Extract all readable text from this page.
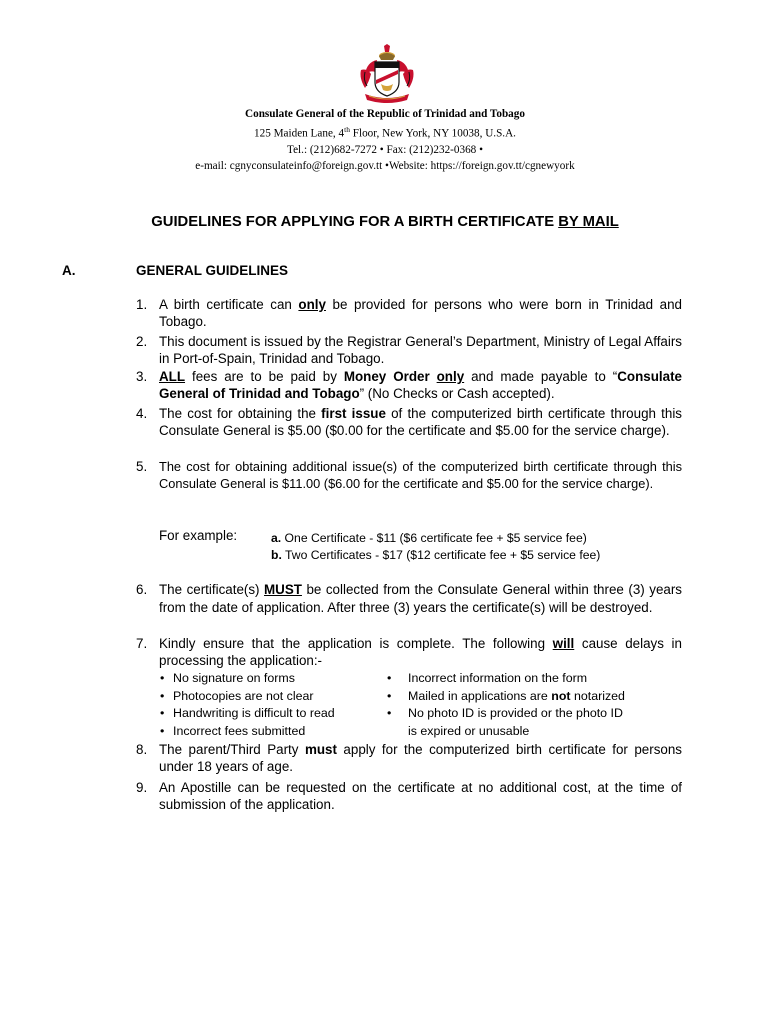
Consulate General of the Republic of Trinidad and Tobago
125 Maiden Lane, 4th Floor, New York, NY 10038, U.S.A.
Tel.: (212)682-7272 • Fax: (212)232-0368 •
e-mail: cgnyconsulateinfo@foreign.gov.tt •Website: https://foreign.gov.tt/cgnewyork
GUIDELINES FOR APPLYING FOR A BIRTH CERTIFICATE BY MAIL
A.	GENERAL GUIDELINES
1. A birth certificate can only be provided for persons who were born in Trinidad and Tobago.
2. This document is issued by the Registrar General’s Department, Ministry of Legal Affairs in Port-of-Spain, Trinidad and Tobago.
3. ALL fees are to be paid by Money Order only and made payable to “Consulate General of Trinidad and Tobago” (No Checks or Cash accepted).
4. The cost for obtaining the first issue of the computerized birth certificate through this Consulate General is $5.00 ($0.00 for the certificate and $5.00 for the service charge).
5. The cost for obtaining additional issue(s) of the computerized birth certificate through this Consulate General is $11.00 ($6.00 for the certificate and $5.00 for the service charge).
For example:	a. One Certificate - $11 ($6 certificate fee + $5 service fee)
b. Two Certificates - $17 ($12 certificate fee + $5 service fee)
6. The certificate(s) MUST be collected from the Consulate General within three (3) years from the date of application. After three (3) years the certificate(s) will be destroyed.
7. Kindly ensure that the application is complete. The following will cause delays in processing the application:-
• No signature on forms
• Photocopies are not clear
• Handwriting is difficult to read
• Incorrect fees submitted
• Incorrect information on the form
• Mailed in applications are not notarized
• No photo ID is provided or the photo ID
is expired or unusable
8. The parent/Third Party must apply for the computerized birth certificate for persons under 18 years of age.
9. An Apostille can be requested on the certificate at no additional cost, at the time of submission of the application.
